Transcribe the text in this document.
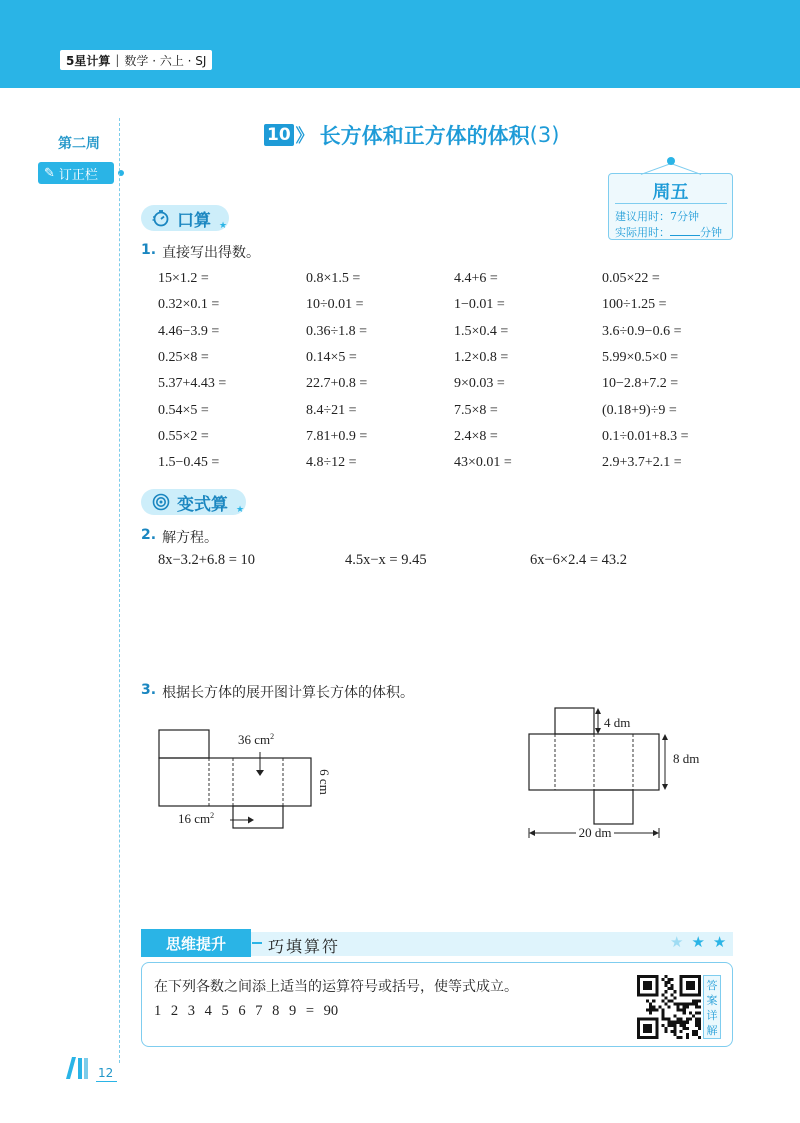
5星计算 | 数学 · 六上 · SJ
第二周
✎ 订正栏
10 》 长方体和正方体的体积 (3)
周五
建议用时：7分钟
实际用时：	分钟
口算 ★
1. 直接写出得数。
15×1.2 =	0.8×1.5 =	4.4+6 =	0.05×22 =
0.32×0.1 =	10÷0.01 =	1−0.01 =	100÷1.25 =
4.46−3.9 =	0.36÷1.8 =	1.5×0.4 =	3.6÷0.9−0.6 =
0.25×8 =	0.14×5 =	1.2×0.8 =	5.99×0.5×0 =
5.37+4.43 =	22.7+0.8 =	9×0.03 =	10−2.8+7.2 =
0.54×5 =	8.4÷21 =	7.5×8 =	(0.18+9)÷9 =
0.55×2 =	7.81+0.9 =	2.4×8 =	0.1÷0.01+8.3 =
1.5−0.45 =	4.8÷12 =	43×0.01 =	2.9+3.7+2.1 =
变式算 ★
2. 解方程。
8x−3.2+6.8 = 10	4.5x−x = 9.45	6x−6×2.4 = 43.2
3. 根据长方体的展开图计算长方体的体积。
36 $cm^2$
16 $cm^2$
6 cm
4 dm
8 dm
20 dm
思维提升	巧填算符	★ ★ ★
在下列各数之间添上适当的运算符号或括号，使等式成立。
1 2 3 4 5 6 7 8 9 = 90
答
案
详
解
12
